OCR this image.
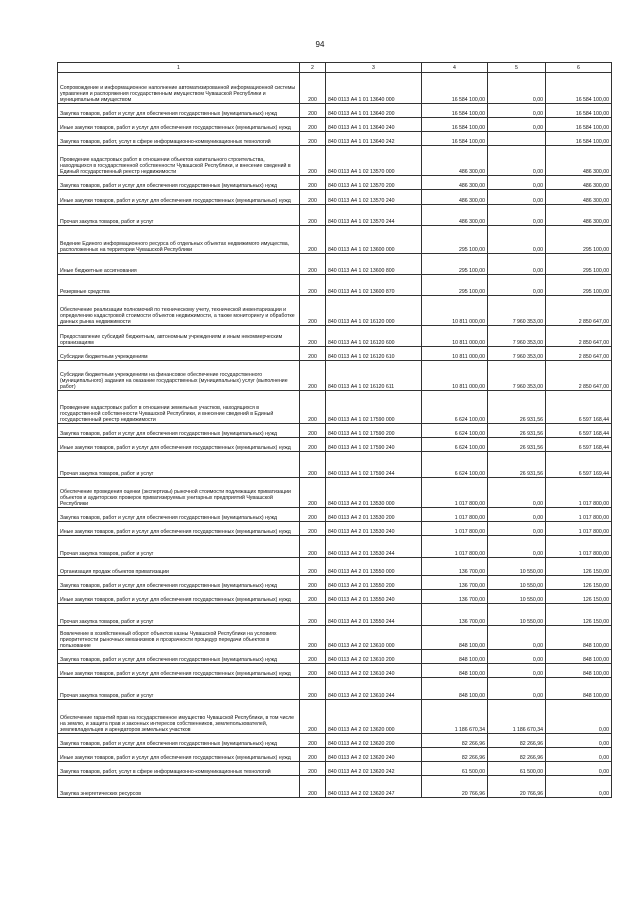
94
1	2	3	4	5	6
Сопровождение и информационное наполнение автоматизированной информационной системы управления и распоряжения государственным имуществом Чувашской Республики и муниципальным имуществом	200	840 0113 А4 1 01 13640 000	16 584 100,00	0,00	16 584 100,00
Закупка товаров, работ и услуг для обеспечения государственных (муниципальных) нужд	200	840 0113 А4 1 01 13640 200	16 584 100,00	0,00	16 584 100,00
Иные закупки товаров, работ и услуг для обеспечения государственных (муниципальных) нужд	200	840 0113 А4 1 01 13640 240	16 584 100,00	0,00	16 584 100,00
Закупка товаров, работ, услуг в сфере информационно-коммуникационных технологий	200	840 0113 А4 1 01 13640 242	16 584 100,00		16 584 100,00
Проведение кадастровых работ в отношении объектов капитального строительства, находящихся в государственной собственности Чувашской Республики, и внесение сведений в Единый государственный реестр недвижимости	200	840 0113 А4 1 02 13570 000	486 300,00	0,00	486 300,00
Закупка товаров, работ и услуг для обеспечения государственных (муниципальных) нужд	200	840 0113 А4 1 02 13570 200	486 300,00	0,00	486 300,00
Иные закупки товаров, работ и услуг для обеспечения государственных (муниципальных) нужд	200	840 0113 А4 1 02 13570 240	486 300,00	0,00	486 300,00
Прочая закупка товаров, работ и услуг	200	840 0113 А4 1 02 13570 244	486 300,00	0,00	486 300,00
Ведение Единого информационного ресурса об отдельных объектах недвижимого имущества, расположенных на территории Чувашской Республики	200	840 0113 А4 1 02 13600 000	295 100,00	0,00	295 100,00
Иные бюджетные ассигнования	200	840 0113 А4 1 02 13600 800	295 100,00	0,00	295 100,00
Резервные средства	200	840 0113 А4 1 02 13600 870	295 100,00	0,00	295 100,00
Обеспечение реализации полномочий по техническому учету, технической инвентаризации и определению кадастровой стоимости объектов недвижимости, а также мониторингу и обработке данных рынка недвижимости	200	840 0113 А4 1 02 16120 000	10 811 000,00	7 960 353,00	2 850 647,00
Предоставление субсидий бюджетным, автономным учреждениям и иным некоммерческим организациям	200	840 0113 А4 1 02 16120 600	10 811 000,00	7 960 353,00	2 850 647,00
Субсидии бюджетным учреждениям	200	840 0113 А4 1 02 16120 610	10 811 000,00	7 960 353,00	2 850 647,00
Субсидии бюджетным учреждениям на финансовое обеспечение государственного (муниципального) задания на оказание государственных (муниципальных) услуг (выполнение работ)	200	840 0113 А4 1 02 16120 611	10 811 000,00	7 960 353,00	2 850 647,00
Проведение кадастровых работ в отношении земельных участков, находящихся в государственной собственности Чувашской Республики, и внесение сведений в Единый государственный реестр недвижимости	200	840 0113 А4 1 02 17590 000	6 624 100,00	26 931,56	6 597 168,44
Закупка товаров, работ и услуг для обеспечения государственных (муниципальных) нужд	200	840 0113 А4 1 02 17590 200	6 624 100,00	26 931,56	6 597 168,44
Иные закупки товаров, работ и услуг для обеспечения государственных (муниципальных) нужд	200	840 0113 А4 1 02 17590 240	6 624 100,00	26 931,56	6 597 168,44
Прочая закупка товаров, работ и услуг	200	840 0113 А4 1 02 17590 244	6 624 100,00	26 931,56	6 597 169,44
Обеспечение проведения оценки (экспертизы) рыночной стоимости подлежащих приватизации объектов и аудиторских проверок приватизируемых унитарных предприятий Чувашской Республики	200	840 0113 А4 2 01 13530 000	1 017 800,00	0,00	1 017 800,00
Закупка товаров, работ и услуг для обеспечения государственных (муниципальных) нужд	200	840 0113 А4 2 01 13530 200	1 017 800,00	0,00	1 017 800,00
Иные закупки товаров, работ и услуг для обеспечения государственных (муниципальных) нужд	200	840 0113 А4 2 01 13530 240	1 017 800,00	0,00	1 017 800,00
Прочая закупка товаров, работ и услуг	200	840 0113 А4 2 01 13530 244	1 017 800,00	0,00	1 017 800,00
Организация продаж объектов приватизации	200	840 0113 А4 2 01 13550 000	136 700,00	10 550,00	126 150,00
Закупка товаров, работ и услуг для обеспечения государственных (муниципальных) нужд	200	840 0113 А4 2 01 13550 200	136 700,00	10 550,00	126 150,00
Иные закупки товаров, работ и услуг для обеспечения государственных (муниципальных) нужд	200	840 0113 А4 2 01 13550 240	136 700,00	10 550,00	126 150,00
Прочая закупка товаров, работ и услуг	200	840 0113 А4 2 01 13550 244	136 700,00	10 550,00	126 150,00
Вовлечение в хозяйственный оборот объектов казны Чувашской Республики на условиях приоритетности рыночных механизмов и прозрачности процедур передачи объектов в пользование	200	840 0113 А4 2 02 13610 000	848 100,00	0,00	848 100,00
Закупка товаров, работ и услуг для обеспечения государственных (муниципальных) нужд	200	840 0113 А4 2 02 13610 200	848 100,00	0,00	848 100,00
Иные закупки товаров, работ и услуг для обеспечения государственных (муниципальных) нужд	200	840 0113 А4 2 02 13610 240	848 100,00	0,00	848 100,00
Прочая закупка товаров, работ и услуг	200	840 0113 А4 2 02 13610 244	848 100,00	0,00	848 100,00
Обеспечение гарантий прав на государственное имущество Чувашской Республики, в том числе на землю, и защита прав и законных интересов собственников, землепользователей, землевладельцев и арендаторов земельных участков	200	840 0113 А4 2 02 13620 000	1 186 670,34	1 186 670,34	0,00
Закупка товаров, работ и услуг для обеспечения государственных (муниципальных) нужд	200	840 0113 А4 2 02 13620 200	82 266,96	82 266,96	0,00
Иные закупки товаров, работ и услуг для обеспечения государственных (муниципальных) нужд	200	840 0113 А4 2 02 13620 240	82 266,96	82 266,96	0,00
Закупка товаров, работ, услуг в сфере информационно-коммуникационных технологий	200	840 0113 А4 2 02 13620 242	61 500,00	61 500,00	0,00
Закупка энергетических ресурсов	200	840 0113 А4 2 02 13620 247	20 766,96	20 766,96	0,00
